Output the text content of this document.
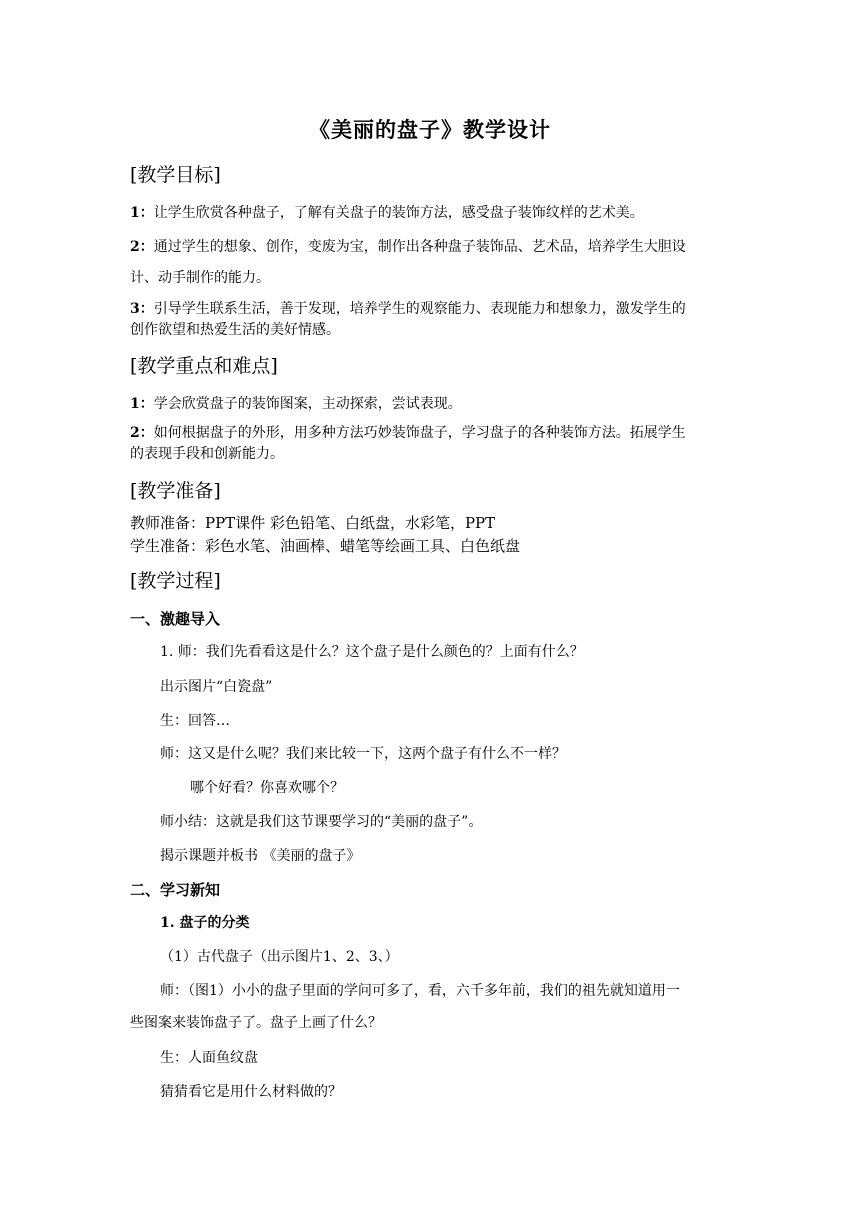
《美丽的盘子》教学设计
[教学目标]
1：让学生欣赏各种盘子，了解有关盘子的装饰方法，感受盘子装饰纹样的艺术美。
2：通过学生的想象、创作，变废为宝，制作出各种盘子装饰品、艺术品，培养学生大胆设
计、动手制作的能力。
3：引导学生联系生活，善于发现，培养学生的观察能力、表现能力和想象力，激发学生的
创作欲望和热爱生活的美好情感。
[教学重点和难点]
1：学会欣赏盘子的装饰图案，主动探索，尝试表现。
2：如何根据盘子的外形，用多种方法巧妙装饰盘子，学习盘子的各种装饰方法。拓展学生
的表现手段和创新能力。
[教学准备]
教师准备：PPT课件 彩色铅笔、白纸盘，水彩笔，PPT
学生准备：彩色水笔、油画棒、蜡笔等绘画工具、白色纸盘
[教学过程]
一、激趣导入
1. 师：我们先看看这是什么？这个盘子是什么颜色的？上面有什么？
出示图片“白瓷盘”
生：回答…
师：这又是什么呢？我们来比较一下，这两个盘子有什么不一样？
哪个好看？你喜欢哪个？
师小结：这就是我们这节课要学习的“美丽的盘子”。
揭示课题并板书 《美丽的盘子》
二、学习新知
1. 盘子的分类
（1）古代盘子（出示图片1、2、3、）
师：（图1）小小的盘子里面的学问可多了，看，六千多年前，我们的祖先就知道用一
些图案来装饰盘子了。盘子上画了什么？
生：人面鱼纹盘
猜猜看它是用什么材料做的？
